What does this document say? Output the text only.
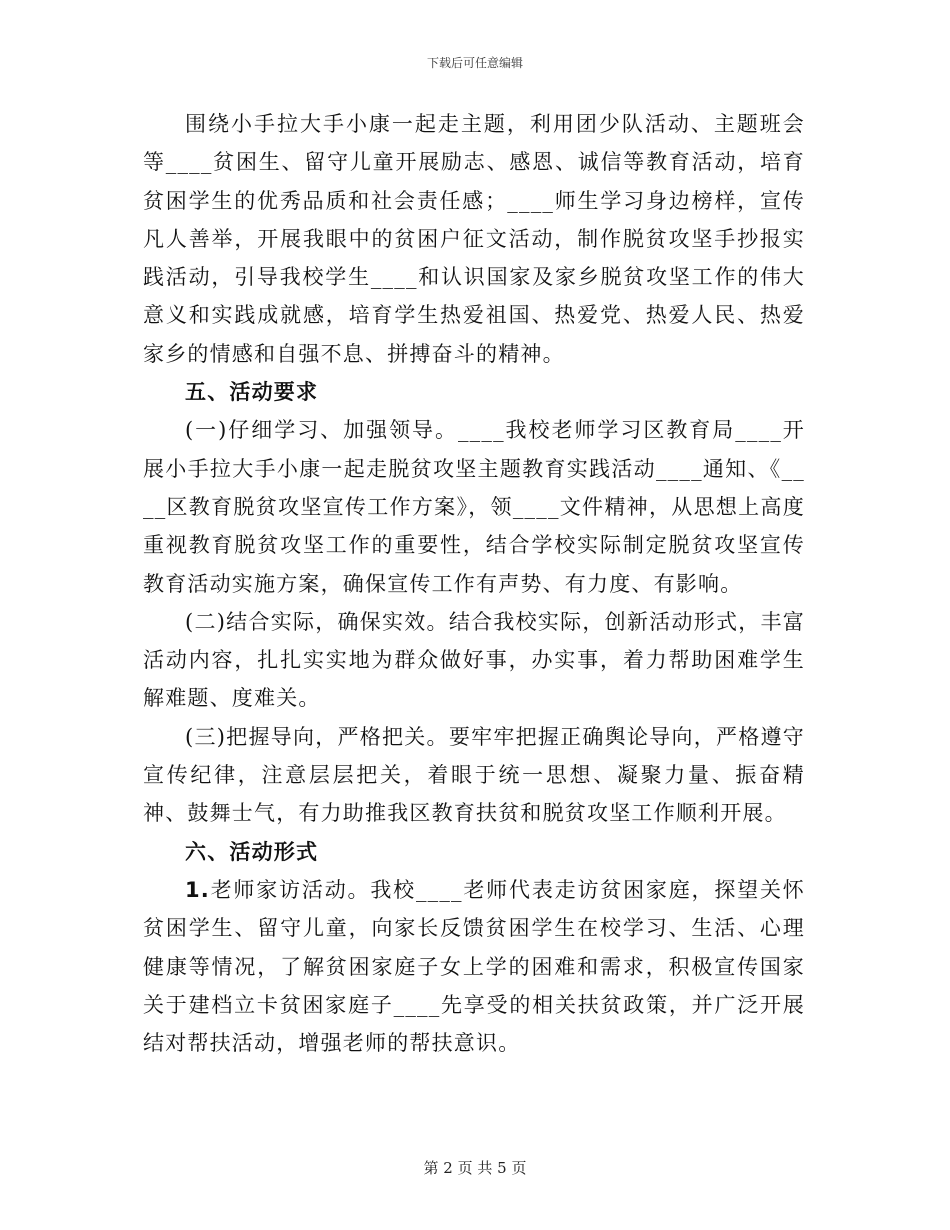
下载后可任意编辑

围绕小手拉大手小康一起走主题，利用团少队活动、主题班会等____贫困生、留守儿童开展励志、感恩、诚信等教育活动，培育贫困学生的优秀品质和社会责任感；____师生学习身边榜样，宣传凡人善举，开展我眼中的贫困户征文活动，制作脱贫攻坚手抄报实践活动，引导我校学生____和认识国家及家乡脱贫攻坚工作的伟大意义和实践成就感，培育学生热爱祖国、热爱党、热爱人民、热爱家乡的情感和自强不息、拼搏奋斗的精神。

五、活动要求

(一)仔细学习、加强领导。____我校老师学习区教育局____开展小手拉大手小康一起走脱贫攻坚主题教育实践活动____通知、《____区教育脱贫攻坚宣传工作方案》，领____文件精神，从思想上高度重视教育脱贫攻坚工作的重要性，结合学校实际制定脱贫攻坚宣传教育活动实施方案，确保宣传工作有声势、有力度、有影响。

(二)结合实际，确保实效。结合我校实际，创新活动形式，丰富活动内容，扎扎实实地为群众做好事，办实事，着力帮助困难学生解难题、度难关。

(三)把握导向，严格把关。要牢牢把握正确舆论导向，严格遵守宣传纪律，注意层层把关，着眼于统一思想、凝聚力量、振奋精神、鼓舞士气，有力助推我区教育扶贫和脱贫攻坚工作顺利开展。

六、活动形式

1.老师家访活动。我校____老师代表走访贫困家庭，探望关怀贫困学生、留守儿童，向家长反馈贫困学生在校学习、生活、心理健康等情况，了解贫困家庭子女上学的困难和需求，积极宣传国家关于建档立卡贫困家庭子____先享受的相关扶贫政策，并广泛开展结对帮扶活动，增强老师的帮扶意识。

第 2 页 共 5 页
